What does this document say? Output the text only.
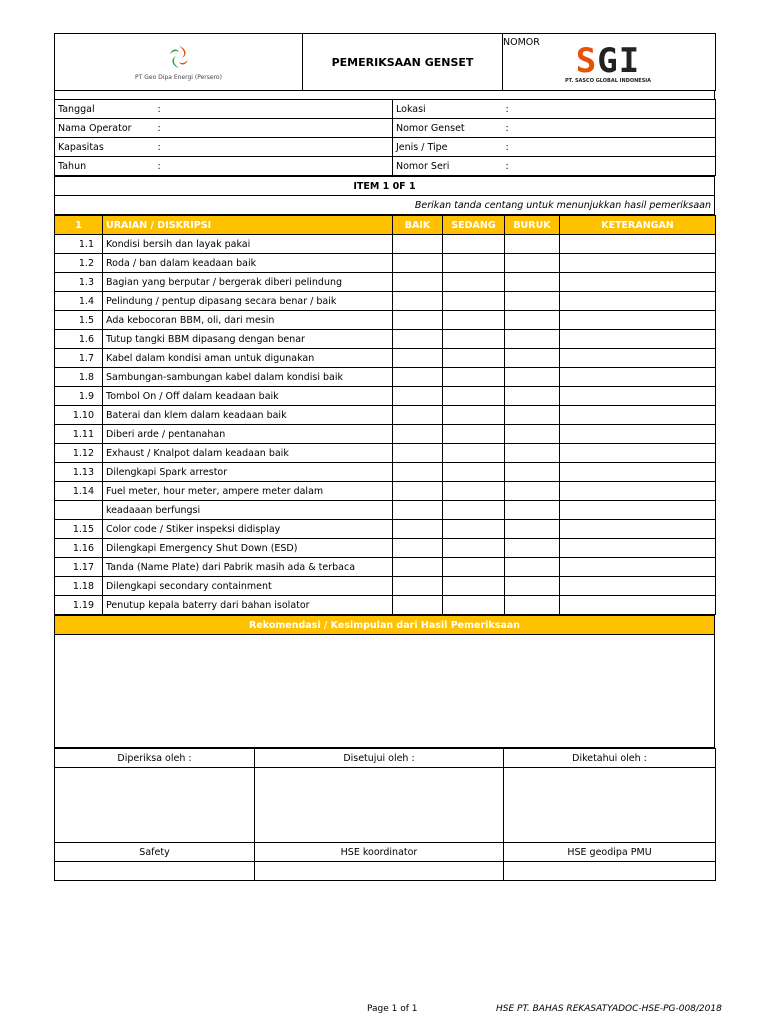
PT Geo Dipa Energi (Persero)
	PEMERIKSAAN GENSET	
NOMOR SGI
PT. SASCO GLOBAL INDONESIA
Tanggal	:	Lokasi	:
Nama Operator	:	Nomor Genset	:
Kapasitas	:	Jenis / Tipe	:
Tahun	:	Nomor Seri	:
ITEM 1 0F 1
Berikan tanda centang untuk menunjukkan hasil pemeriksaan
1	URAIAN / DISKRIPSI	BAIK	SEDANG	BURUK	KETERANGAN
1.1	Kondisi bersih dan layak pakai				
1.2	Roda / ban dalam keadaan baik				
1.3	Bagian yang berputar / bergerak diberi pelindung				
1.4	Pelindung / pentup dipasang secara benar / baik				
1.5	Ada kebocoran BBM, oli, dari mesin				
1.6	Tutup tangki BBM dipasang dengan benar				
1.7	Kabel dalam kondisi aman untuk digunakan				
1.8	Sambungan-sambungan kabel dalam kondisi baik				
1.9	Tombol On / Off dalam keadaan baik				
1.10	Baterai dan klem dalam keadaan baik				
1.11	Diberi arde / pentanahan				
1.12	Exhaust / Knalpot dalam keadaan baik				
1.13	Dilengkapi Spark arrestor				
1.14	Fuel meter, hour meter, ampere meter dalam				
	keadaaan berfungsi				
1.15	Color code / Stiker inspeksi didisplay				
1.16	Dilengkapi Emergency Shut Down (ESD)				
1.17	Tanda (Name Plate) dari Pabrik masih ada & terbaca				
1.18	Dilengkapi secondary containment				
1.19	Penutup kepala baterry dari bahan isolator				
Rekomendasi / Kesimpulan dari Hasil Pemeriksaan

Diperiksa oleh :	Disetujui oleh :	Diketahui oleh :

Safety	HSE koordinator	HSE geodipa PMU

Page 1 of 1	HSE PT. BAHAS REKASATYADOC-HSE-PG-008/2018
